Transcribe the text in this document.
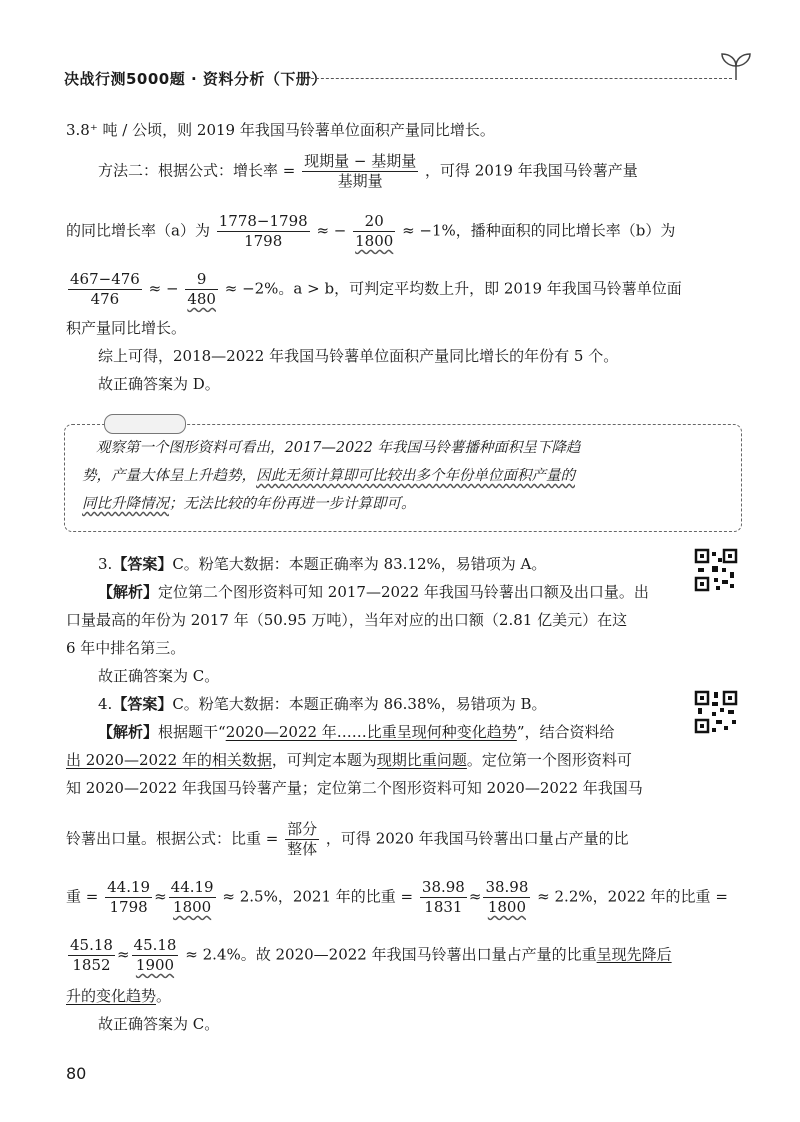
决战行测5000题 · 资料分析（下册）
3.8⁺ 吨 / 公顷，则 2019 年我国马铃薯单位面积产量同比增长。
方法二：根据公式：增长率 = $\frac{\text{现期量 − 基期量}}{\text{基期量}}$ ，可得 2019 年我国马铃薯产量
的同比增长率（a）为 $\frac{1778-1798}{1798}$ ≈ − $\frac{20}{1800} \approx -1\%$，播种面积的同比增长率（b）为
$\frac{467-476}{476}$ ≈ − $\frac{9}{480} \approx -2\%$。a > b，可判定平均数上升，即 2019 年我国马铃薯单位面
积产量同比增长。
综上可得，2018—2022 年我国马铃薯单位面积产量同比增长的年份有 5 个。
故正确答案为 D。
观察第一个图形资料可看出，2017—2022 年我国马铃薯播种面积呈下降趋
势，产量大体呈上升趋势，因此无须计算即可比较出多个年份单位面积产量的
同比升降情况；无法比较的年份再进一步计算即可。
3.【答案】C。粉笔大数据：本题正确率为 83.12%，易错项为 A。
【解析】定位第二个图形资料可知 2017—2022 年我国马铃薯出口额及出口量。出
口量最高的年份为 2017 年（50.95 万吨），当年对应的出口额（2.81 亿美元）在这
6 年中排名第三。
故正确答案为 C。
4.【答案】C。粉笔大数据：本题正确率为 86.38%，易错项为 B。
【解析】根据题干“2020—2022 年……比重呈现何种变化趋势”，结合资料给
出 2020—2022 年的相关数据，可判定本题为现期比重问题。定位第一个图形资料可
知 2020—2022 年我国马铃薯产量；定位第二个图形资料可知 2020—2022 年我国马
铃薯出口量。根据公式：比重 = $\frac{\text{部分}}{\text{整体}}$ ，可得 2020 年我国马铃薯出口量占产量的比
重 = $\frac{44.19}{1798} \approx \frac{44.19}{1800} \approx 2.5\%$，2021 年的比重 = $\frac{38.98}{1831} \approx \frac{38.98}{1800} \approx 2.2\%$，2022 年的比重 =
$\frac{45.18}{1852} \approx \frac{45.18}{1900} \approx 2.4\%$。故 2020—2022 年我国马铃薯出口量占产量的比重呈现先降后
升的变化趋势。
故正确答案为 C。
80
